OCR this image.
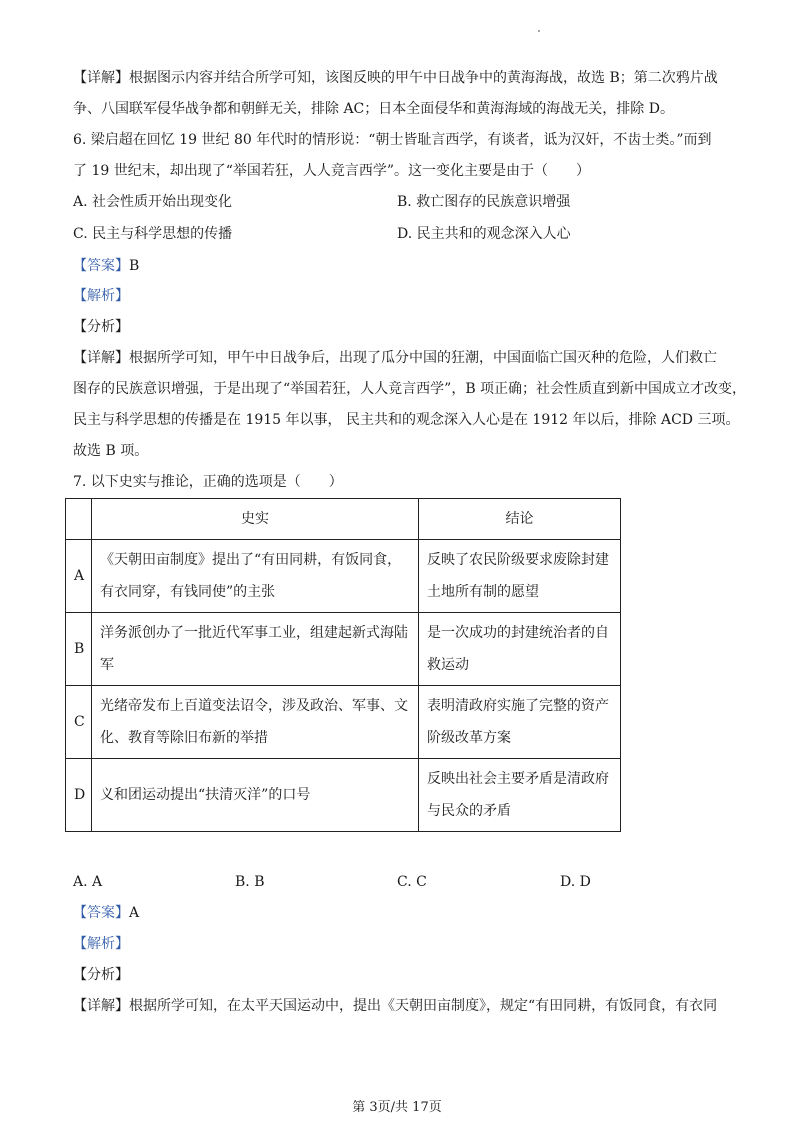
【详解】根据图示内容并结合所学可知，该图反映的甲午中日战争中的黄海海战，故选 B；第二次鸦片战
争、八国联军侵华战争都和朝鲜无关，排除 AC；日本全面侵华和黄海海域的海战无关，排除 D。
6. 梁启超在回忆 19 世纪 80 年代时的情形说：“朝士皆耻言西学，有谈者，诋为汉奸，不齿士类。”而到
了 19 世纪末，却出现了“举国若狂，人人竞言西学”。这一变化主要是由于（　　）
A. 社会性质开始出现变化	B. 救亡图存的民族意识增强
C. 民主与科学思想的传播	D. 民主共和的观念深入人心
【答案】B
【解析】
【分析】
【详解】根据所学可知，甲午中日战争后，出现了瓜分中国的狂潮，中国面临亡国灭种的危险，人们救亡
图存的民族意识增强，于是出现了“举国若狂，人人竞言西学”，B 项正确；社会性质直到新中国成立才改变，
民主与科学思想的传播是在 1915 年以事， 民主共和的观念深入人心是在 1912 年以后，排除 ACD 三项。
故选 B 项。
7. 以下史实与推论，正确的选项是（　　）
	史实	结论
A	《天朝田亩制度》提出了“有田同耕，有饭同食，
有衣同穿，有钱同使”的主张	反映了农民阶级要求废除封建
土地所有制的愿望

B	洋务派创办了一批近代军事工业，组建起新式海陆
军	是一次成功的封建统治者的自
救运动

C	光绪帝发布上百道变法诏令，涉及政治、军事、文
化、教育等除旧布新的举措	表明清政府实施了完整的资产
阶级改革方案

D	义和团运动提出“扶清灭洋”的口号	反映出社会主要矛盾是清政府
与民众的矛盾
A. A	B. B	C. C	D. D
【答案】A
【解析】
【分析】
【详解】根据所学可知，在太平天国运动中，提出《天朝田亩制度》，规定“有田同耕，有饭同食，有衣同
第 3页/共 17页
